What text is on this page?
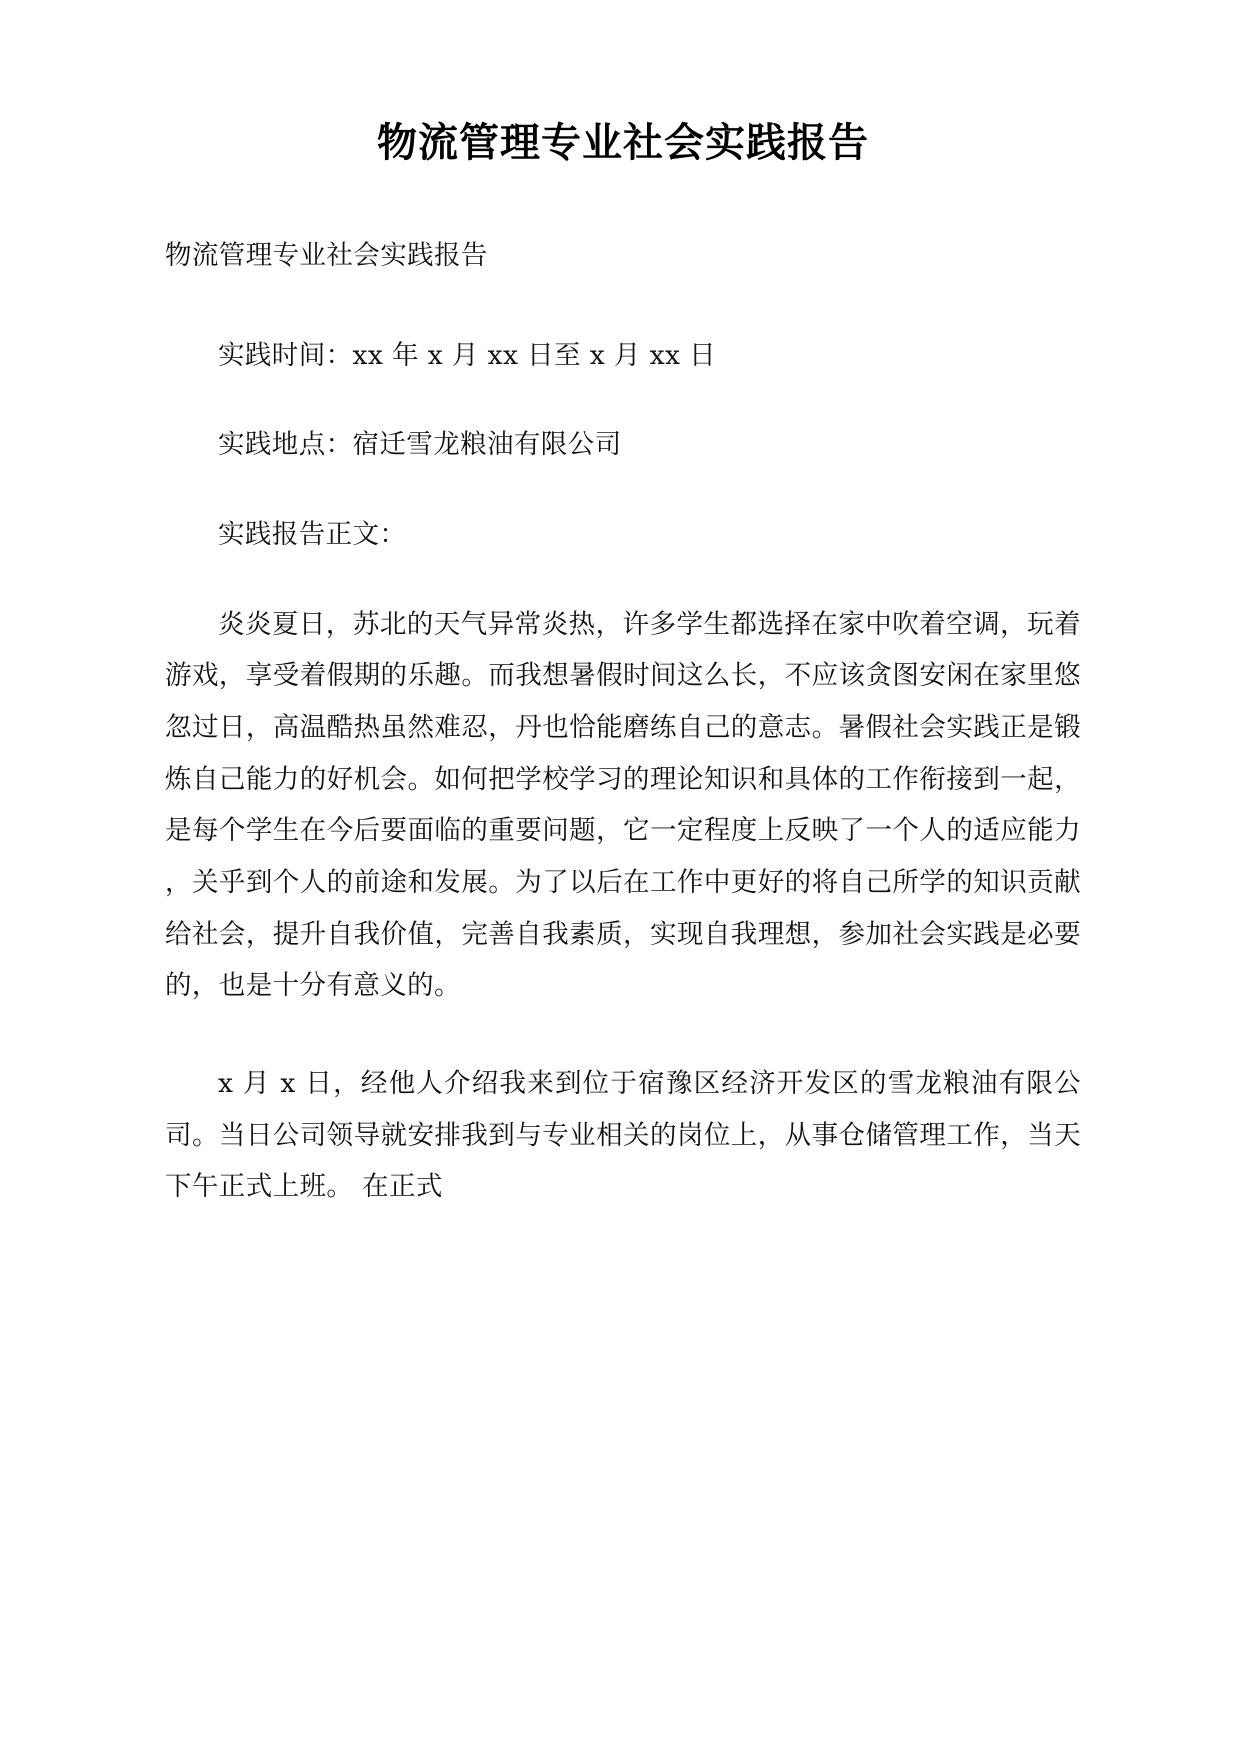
物流管理专业社会实践报告

物流管理专业社会实践报告

实践时间：xx 年 x 月 xx 日至 x 月 xx 日

实践地点：宿迁雪龙粮油有限公司

实践报告正文：

炎炎夏日，苏北的天气异常炎热，许多学生都选择在家中吹着空调，玩着游戏，享受着假期的乐趣。而我想暑假时间这么长，不应该贪图安闲在家里悠忽过日，高温酷热虽然难忍，丹也恰能磨练自己的意志。暑假社会实践正是锻炼自己能力的好机会。如何把学校学习的理论知识和具体的工作衔接到一起，是每个学生在今后要面临的重要问题，它一定程度上反映了一个人的适应能力 ，关乎到个人的前途和发展。为了以后在工作中更好的将自己所学的知识贡献给社会，提升自我价值，完善自我素质，实现自我理想，参加社会实践是必要的，也是十分有意义的。

x 月 x 日，经他人介绍我来到位于宿豫区经济开发区的雪龙粮油有限公司。当日公司领导就安排我到与专业相关的岗位上，从事仓储管理工作，当天下午正式上班。 在正式
